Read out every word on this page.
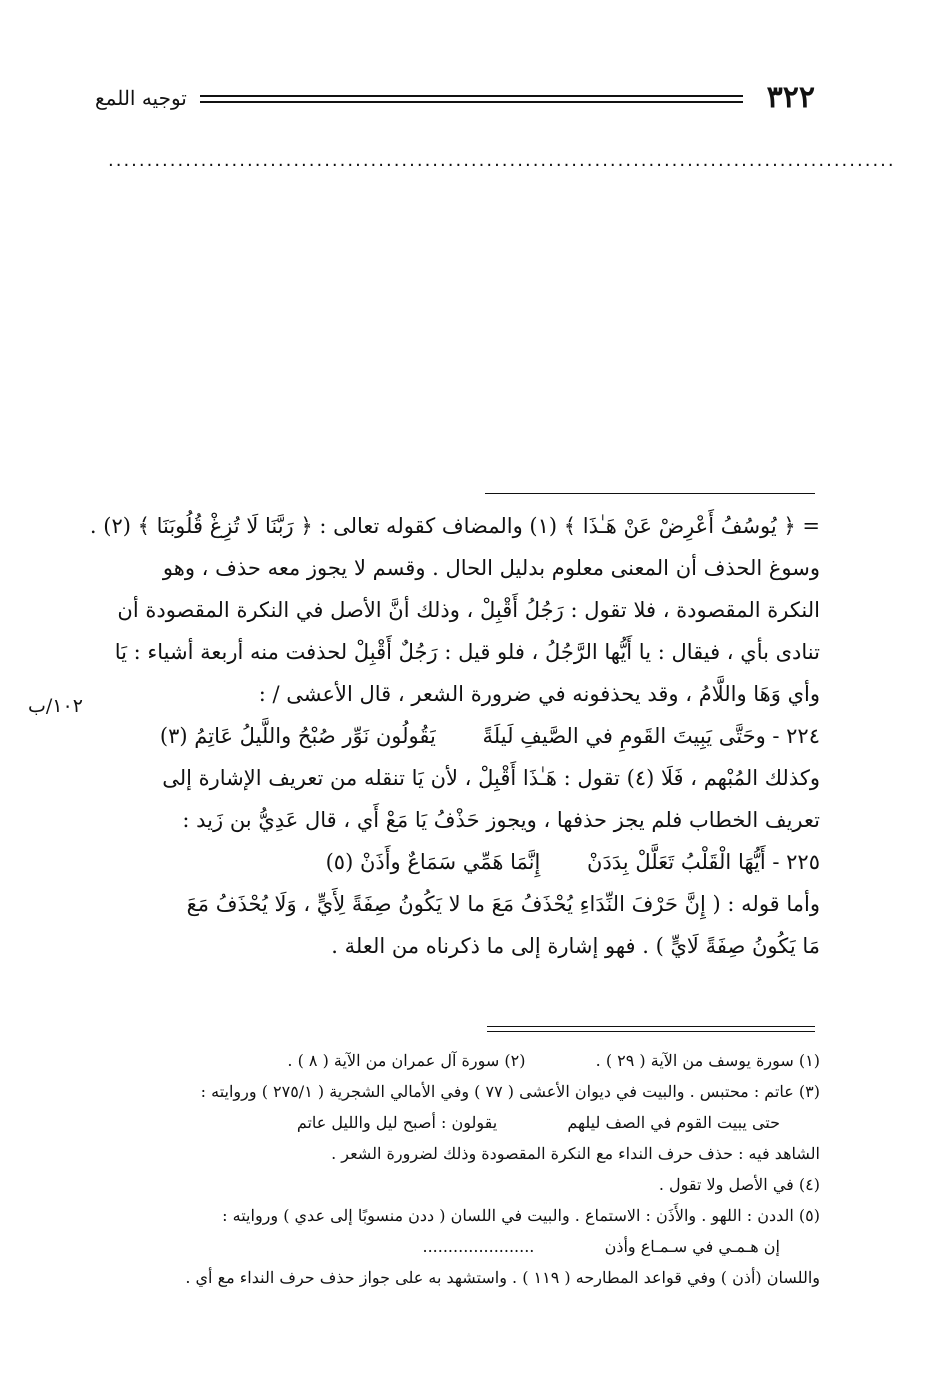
٣٢٢
توجيه اللمع
......................................................................................................
١٠٢/ب
= ﴿ يُوسُفُ أَعْرِضْ عَنْ هَـٰذَا ﴾ (١) والمضاف كقوله تعالى : ﴿ رَبَّنَا لَا تُزِغْ قُلُوبَنَا ﴾ (٢) .
وسوغ الحذف أن المعنى معلوم بدليل الحال . وقسم لا يجوز معه حذف ، وهو
النكرة المقصودة ، فلا تقول : رَجُلُ أَقْبِلْ ، وذلك أنَّ الأصل في النكرة المقصودة أن
تنادى بأي ، فيقال : يا أَيُّها الرَّجُلُ ، فلو قيل : رَجُلٌ أَقْبِلْ لحذفت منه أربعة أشياء : يَا
وأي وَهَا واللَّامُ ، وقد يحذفونه في ضرورة الشعر ، قال الأعشى / :
٢٢٤ - وحَتَّى يَبِيتَ القَومِ في الصَّيفِ لَيلَةً يَقُولُون نَوِّر صُبْحُ واللَّيلُ عَاتِمُ (٣)
وكذلك المُبْهم ، فَلَا (٤) تقول : هَـٰذَا أَقْبِلْ ، لأن يَا تنقله من تعريف الإشارة إلى
تعريف الخطاب فلم يجز حذفها ، ويجوز حَذْفُ يَا مَعْ أَي ، قال عَدِيُّ بن زَيد :
٢٢٥ - أَيُّهَا الْقَلْبُ تَعَلَّلْ بِدَدَنْ إِنَّمَا هَمِّي سَمَاعٌ وأَذَنْ (٥)
وأما قوله : ( إِنَّ حَرْفَ النِّدَاءِ يُحْذَفُ مَعَ ما لا يَكُونُ صِفَةً لِأَيٍّ ، وَلَا يُحْذَفُ مَعَ
مَا يَكُونُ صِفَةً لَايٍّ ) . فهو إشارة إلى ما ذكرناه من العلة .
(١) سورة يوسف من الآية ( ٢٩ ) .  (٢) سورة آل عمران من الآية ( ٨ ) .
(٣) عاتم : محتبس . والبيت في ديوان الأعشى ( ٧٧ ) وفي الأمالي الشجرية ( ٢٧٥/١ ) وروايته :
حتى يبيت القوم في الصف ليلهم  يقولون : أصبح ليل والليل عاتم
الشاهد فيه : حذف حرف النداء مع النكرة المقصودة وذلك لضرورة الشعر .
(٤) في الأصل ولا تقول .
(٥) الددن : اللهو . والأَذَن : الاستماع . والبيت في اللسان ( ددن منسوبًا إلى عدي ) وروايته :
إن هـمـي في سـمـاع وأذن  ......................
واللسان (أذن ) وفي قواعد المطارحه ( ١١٩ ) . واستشهد به على جواز حذف حرف النداء مع أي .
